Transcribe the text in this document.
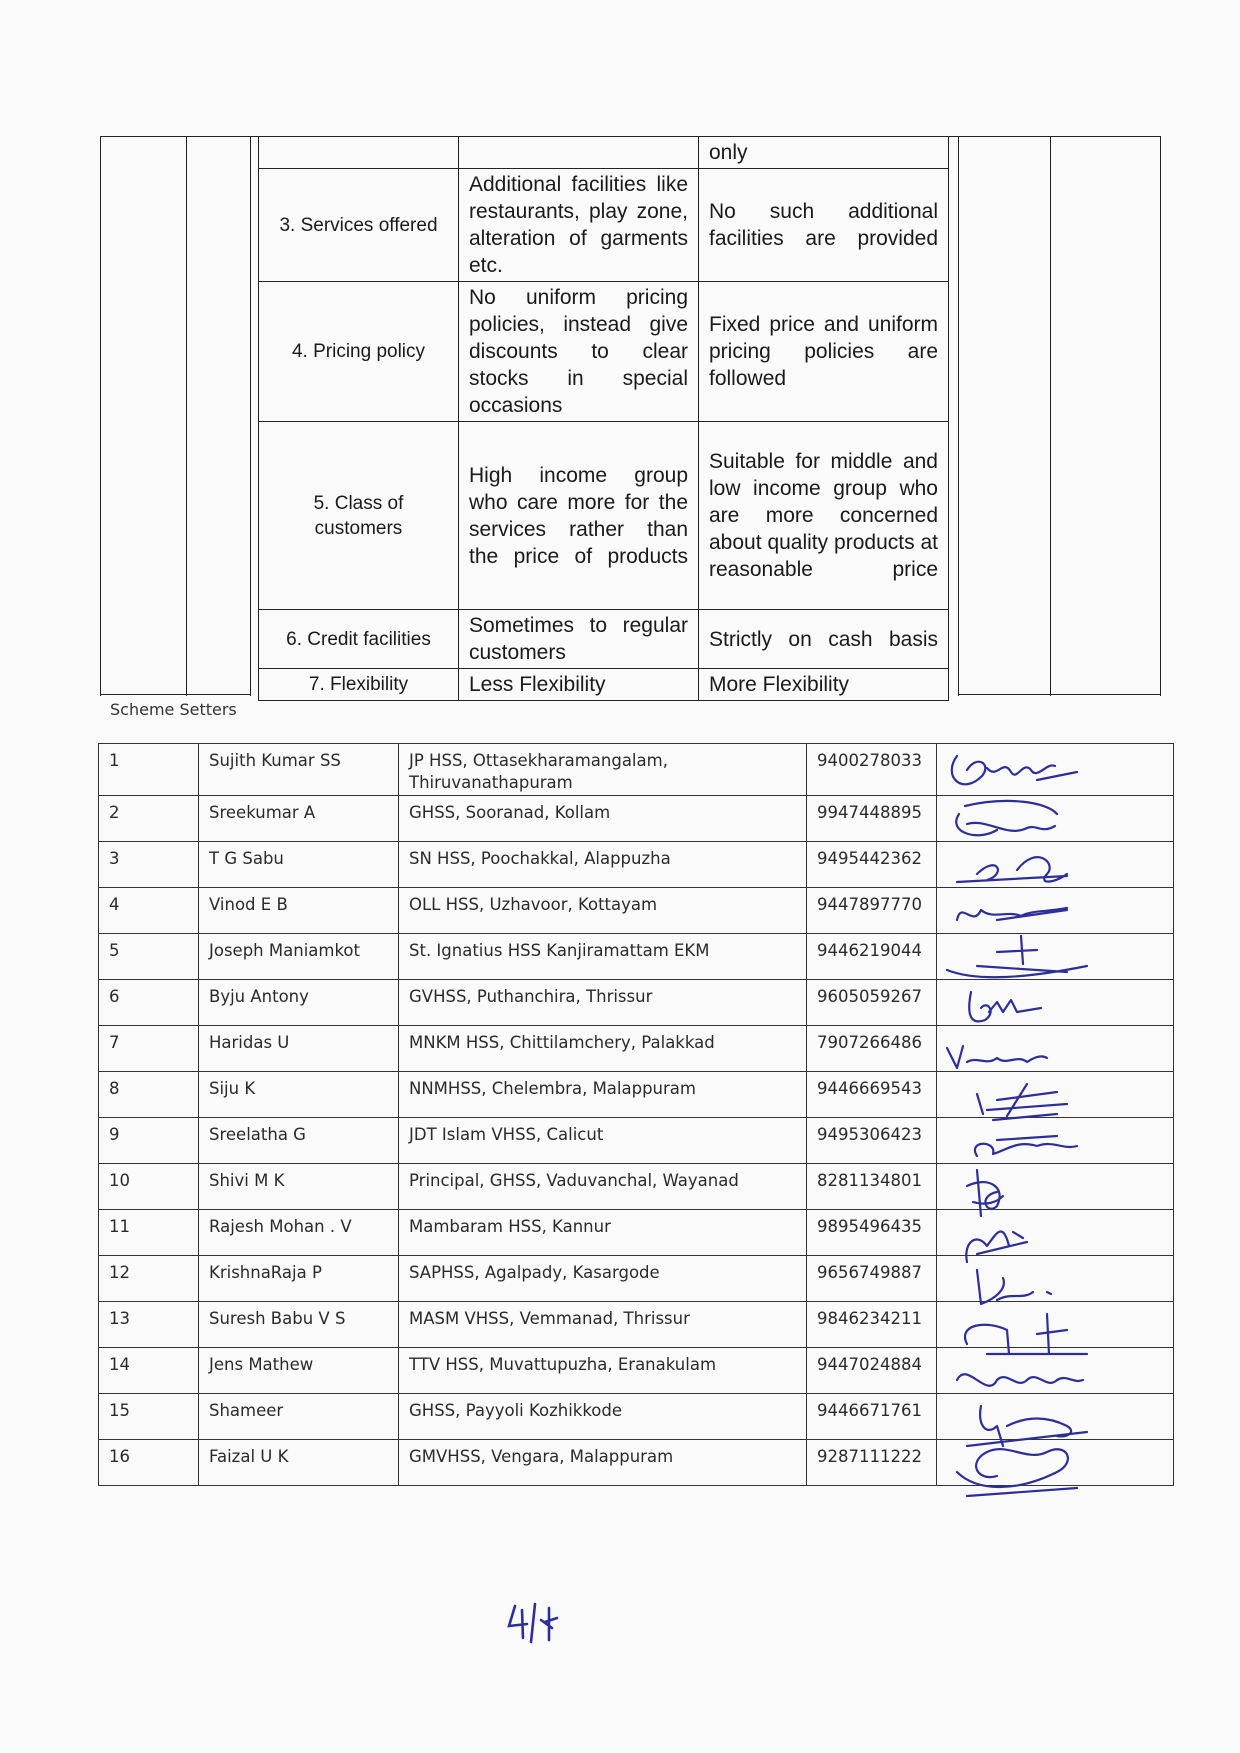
		only
3. Services offered	Additional facilities like restaurants, play zone, alteration of garments etc.	No such additional facilities are provided
4. Pricing policy	No uniform pricing policies, instead give discounts to clear stocks in special occasions	Fixed price and uniform pricing policies are followed
5. Class of customers	High income group who care more for the services rather than the price of products	Suitable for middle and low income group who are more concerned about quality products at reasonable price
6. Credit facilities	Sometimes to regular customers	Strictly on cash basis
7. Flexibility	Less Flexibility	More Flexibility
Scheme Setters
1	Sujith Kumar SS	JP HSS, Ottasekharamangalam, Thiruvanathapuram	9400278033	

2	Sreekumar A	GHSS, Sooranad, Kollam	9947448895	

3	T G Sabu	SN HSS, Poochakkal, Alappuzha	9495442362	

4	Vinod E B	OLL HSS, Uzhavoor, Kottayam	9447897770	

5	Joseph Maniamkot	St. Ignatius HSS Kanjiramattam EKM	9446219044	

6	Byju Antony	GVHSS, Puthanchira, Thrissur	9605059267	

7	Haridas U	MNKM HSS, Chittilamchery, Palakkad	7907266486	

8	Siju K	NNMHSS, Chelembra, Malappuram	9446669543	

9	Sreelatha G	JDT Islam VHSS, Calicut	9495306423	

10	Shivi M K	Principal, GHSS, Vaduvanchal, Wayanad	8281134801	

11	Rajesh Mohan . V	Mambaram HSS, Kannur	9895496435	

12	KrishnaRaja P	SAPHSS, Agalpady, Kasargode	9656749887	

13	Suresh Babu V S	MASM VHSS, Vemmanad, Thrissur	9846234211	

14	Jens Mathew	TTV HSS, Muvattupuzha, Eranakulam	9447024884	

15	Shameer	GHSS, Payyoli Kozhikkode	9446671761	

16	Faizal U K	GMVHSS, Vengara, Malappuram	9287111222	
